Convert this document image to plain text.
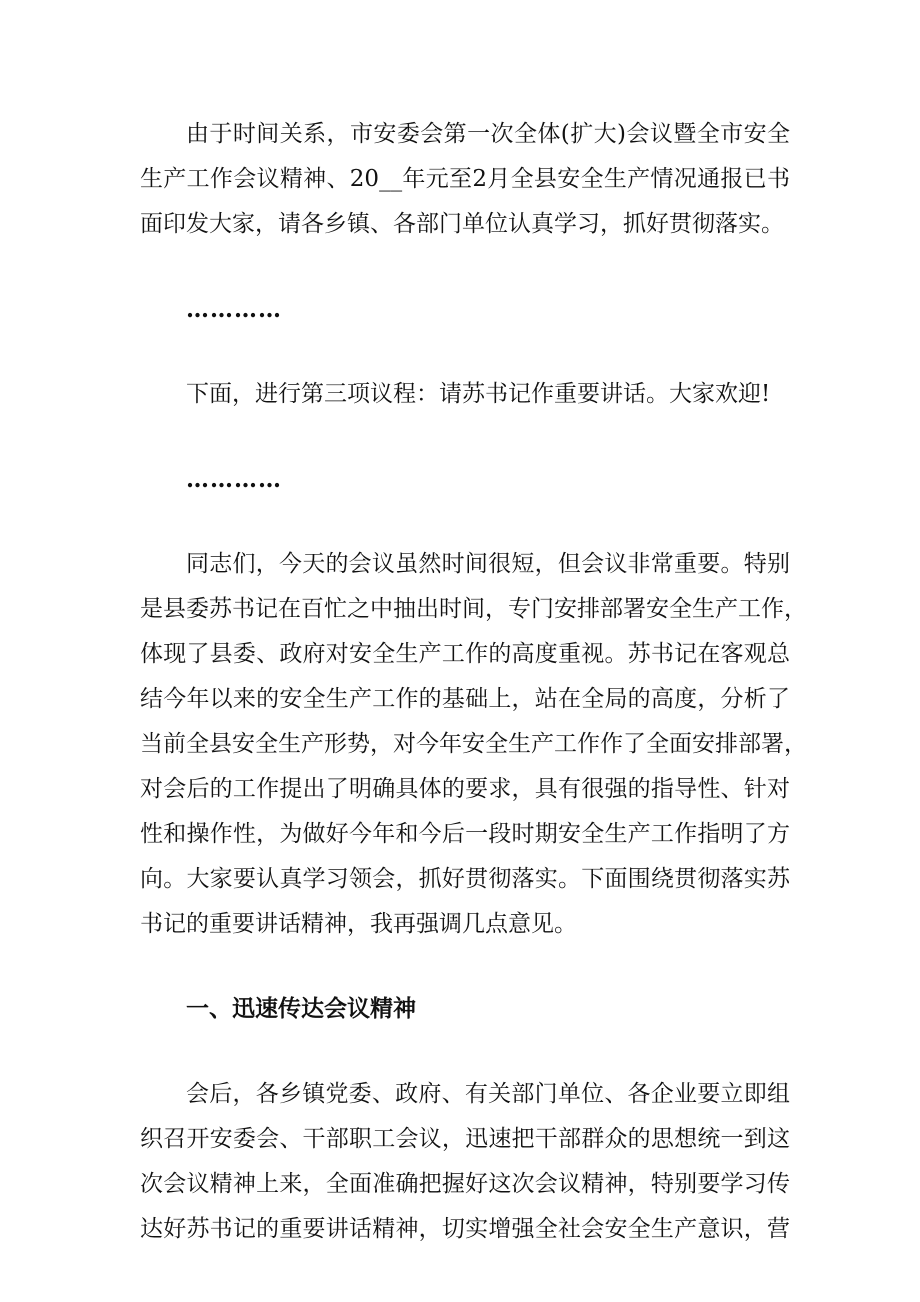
由于时间关系，市安委会第一次全体(扩大)会议暨全市安全
生产工作会议精神、20__年元至2月全县安全生产情况通报已书
面印发大家，请各乡镇、各部门单位认真学习，抓好贯彻落实。
…………
下面，进行第三项议程：请苏书记作重要讲话。大家欢迎!
…………
同志们，今天的会议虽然时间很短，但会议非常重要。特别
是县委苏书记在百忙之中抽出时间，专门安排部署安全生产工作，
体现了县委、政府对安全生产工作的高度重视。苏书记在客观总
结今年以来的安全生产工作的基础上，站在全局的高度，分析了
当前全县安全生产形势，对今年安全生产工作作了全面安排部署，
对会后的工作提出了明确具体的要求，具有很强的指导性、针对
性和操作性，为做好今年和今后一段时期安全生产工作指明了方
向。大家要认真学习领会，抓好贯彻落实。下面围绕贯彻落实苏
书记的重要讲话精神，我再强调几点意见。
一、迅速传达会议精神
会后，各乡镇党委、政府、有关部门单位、各企业要立即组
织召开安委会、干部职工会议，迅速把干部群众的思想统一到这
次会议精神上来，全面准确把握好这次会议精神，特别要学习传
达好苏书记的重要讲话精神，切实增强全社会安全生产意识，营
